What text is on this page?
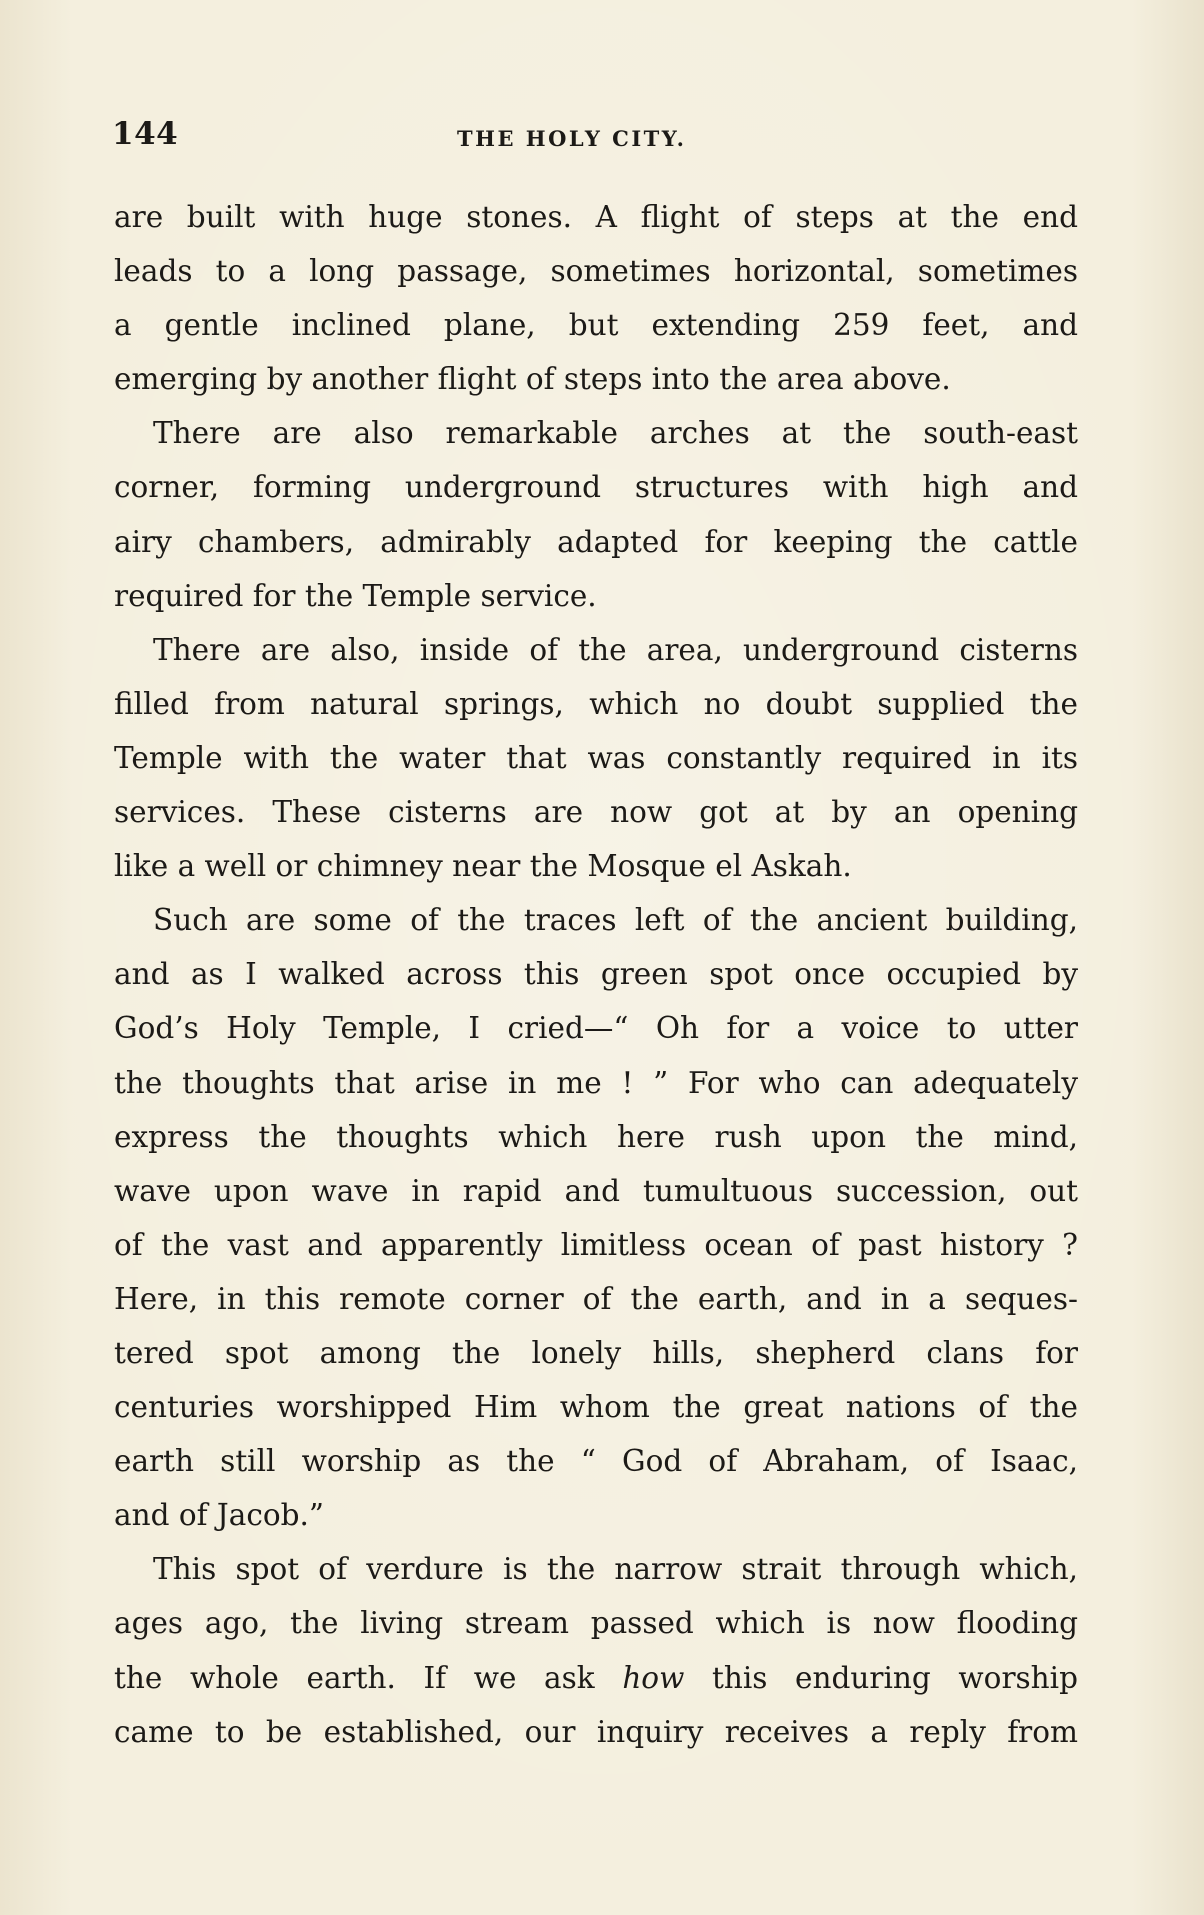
144	THE HOLY CITY.
are built with huge stones. A flight of steps at the end
leads to a long passage, sometimes horizontal, sometimes
a gentle inclined plane, but extending 259 feet, and
emerging by another flight of steps into the area above.
There are also remarkable arches at the south-east
corner, forming underground structures with high and
airy chambers, admirably adapted for keeping the cattle
required for the Temple service.
There are also, inside of the area, underground cisterns
filled from natural springs, which no doubt supplied the
Temple with the water that was constantly required in its
services. These cisterns are now got at by an opening
like a well or chimney near the Mosque el Askah.
Such are some of the traces left of the ancient building,
and as I walked across this green spot once occupied by
God’s Holy Temple, I cried—“ Oh for a voice to utter
the thoughts that arise in me ! ” For who can adequately
express the thoughts which here rush upon the mind,
wave upon wave in rapid and tumultuous succession, out
of the vast and apparently limitless ocean of past history ?
Here, in this remote corner of the earth, and in a seques-
tered spot among the lonely hills, shepherd clans for
centuries worshipped Him whom the great nations of the
earth still worship as the “ God of Abraham, of Isaac,
and of Jacob.”
This spot of verdure is the narrow strait through which,
ages ago, the living stream passed which is now flooding
the whole earth. If we ask how this enduring worship
came to be established, our inquiry receives a reply from
